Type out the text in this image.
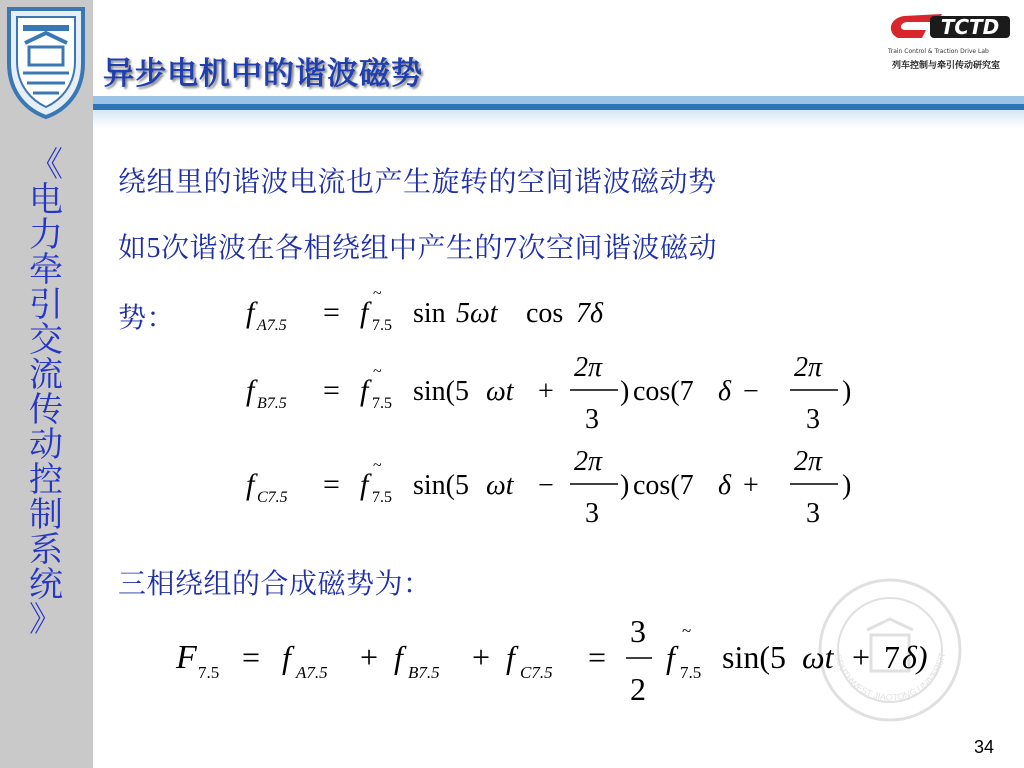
异步电机中的谐波磁势
TCTD
Train Control & Traction Drive Lab
列车控制与牵引传动研究室
《
电
力
牵
引
交
流
传
动
控
制
系
统
》
绕组里的谐波电流也产生旋转的空间谐波磁动势
如5次谐波在各相绕组中产生的7次空间谐波磁动
势：
三相绕组的合成磁势为：
f A7.5 =
~
f 7.5 sin 5ωt cos 7δ
f B7.5 =
~
f 7.5 sin(5 ωt +
2π
3
) cos(7 δ −
2π
3
)
f C7.5 =
~
f 7.5 sin(5 ωt −
2π
3
) cos(7 δ +
2π
3
)
SOUTHWEST JIAOTONG UNIVERSITY
F 7.5 = f A7.5 + f B7.5 + f C7.5 =
3
2
~
f 7.5 sin(5 ωt + 7 δ)
34
